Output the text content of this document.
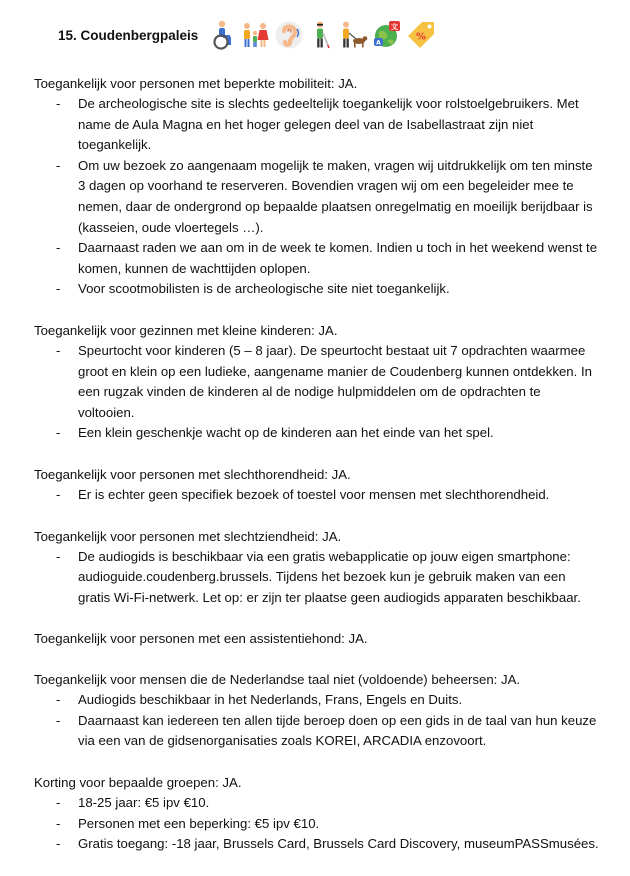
15. Coudenbergpaleis
文
A
%

Toegankelijk voor personen met beperkte mobiliteit: JA.

- De archeologische site is slechts gedeeltelijk toegankelijk voor rolstoelgebruikers. Met name de Aula Magna en het hoger gelegen deel van de Isabellastraat zijn niet toegankelijk.
- Om uw bezoek zo aangenaam mogelijk te maken, vragen wij uitdrukkelijk om ten minste 3 dagen op voorhand te reserveren. Bovendien vragen wij om een begeleider mee te nemen, daar de ondergrond op bepaalde plaatsen onregelmatig en moeilijk berijdbaar is (kasseien, oude vloertegels …).
- Daarnaast raden we aan om in de week te komen. Indien u toch in het weekend wenst te komen, kunnen de wachttijden oplopen.
- Voor scootmobilisten is de archeologische site niet toegankelijk.

Toegankelijk voor gezinnen met kleine kinderen: JA.

- Speurtocht voor kinderen (5 – 8 jaar). De speurtocht bestaat uit 7 opdrachten waarmee groot en klein op een ludieke, aangename manier de Coudenberg kunnen ontdekken. In een rugzak vinden de kinderen al de nodige hulpmiddelen om de opdrachten te voltooien.
- Een klein geschenkje wacht op de kinderen aan het einde van het spel.

Toegankelijk voor personen met slechthorendheid: JA.

- Er is echter geen specifiek bezoek of toestel voor mensen met slechthorendheid.

Toegankelijk voor personen met slechtziendheid: JA.

- De audiogids is beschikbaar via een gratis webapplicatie op jouw eigen smartphone: audioguide.coudenberg.brussels. Tijdens het bezoek kun je gebruik maken van een gratis Wi-Fi-netwerk. Let op: er zijn ter plaatse geen audiogids apparaten beschikbaar.

Toegankelijk voor personen met een assistentiehond: JA.

Toegankelijk voor mensen die de Nederlandse taal niet (voldoende) beheersen: JA.

- Audiogids beschikbaar in het Nederlands, Frans, Engels en Duits.
- Daarnaast kan iedereen ten allen tijde beroep doen op een gids in de taal van hun keuze via een van de gidsenorganisaties zoals KOREI, ARCADIA enzovoort.

Korting voor bepaalde groepen: JA.

- 18-25 jaar: €5 ipv €10.
- Personen met een beperking: €5 ipv €10.
- Gratis toegang: -18 jaar, Brussels Card, Brussels Card Discovery, museumPASSmusées.
